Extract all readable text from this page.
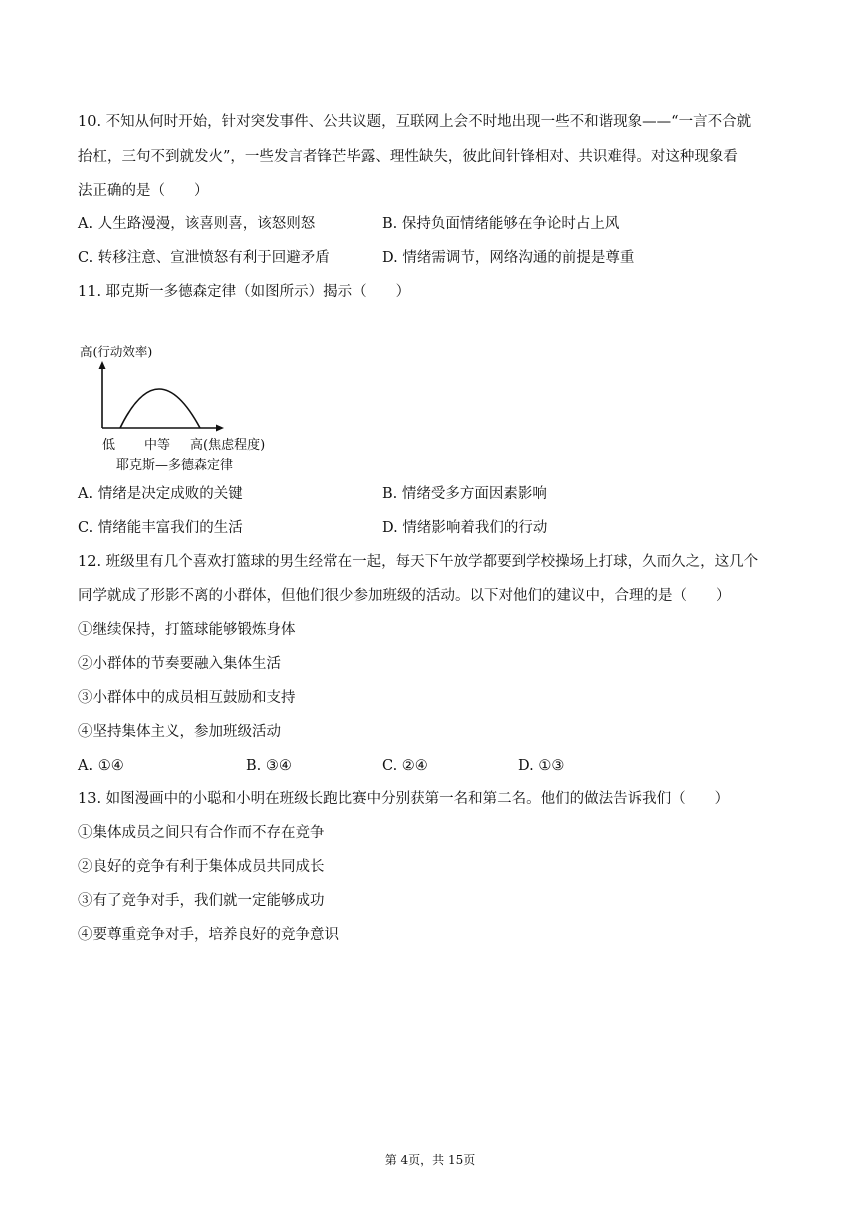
10. 不知从何时开始，针对突发事件、公共议题，互联网上会不时地出现一些不和谐现象——“一言不合就
抬杠，三句不到就发火”，一些发言者锋芒毕露、理性缺失，彼此间针锋相对、共识难得。对这种现象看
法正确的是（　　）
A. 人生路漫漫，该喜则喜，该怒则怒	B. 保持负面情绪能够在争论时占上风
C. 转移注意、宣泄愤怒有利于回避矛盾	D. 情绪需调节，网络沟通的前提是尊重
11. 耶克斯一多德森定律（如图所示）揭示（　　）
高(行动效率)
低 中等 高(焦虑程度)
耶克斯—多德森定律
A. 情绪是决定成败的关键	B. 情绪受多方面因素影响
C. 情绪能丰富我们的生活	D. 情绪影响着我们的行动
12. 班级里有几个喜欢打篮球的男生经常在一起，每天下午放学都要到学校操场上打球，久而久之，这几个
同学就成了形影不离的小群体，但他们很少参加班级的活动。以下对他们的建议中，合理的是（　　）
①继续保持，打篮球能够锻炼身体
②小群体的节奏要融入集体生活
③小群体中的成员相互鼓励和支持
④坚持集体主义，参加班级活动
A. ①④	B. ③④	C. ②④	D. ①③
13. 如图漫画中的小聪和小明在班级长跑比赛中分别获第一名和第二名。他们的做法告诉我们（　　）
①集体成员之间只有合作而不存在竞争
②良好的竞争有利于集体成员共同成长
③有了竞争对手，我们就一定能够成功
④要尊重竞争对手，培养良好的竞争意识
第 4页，共 15页
